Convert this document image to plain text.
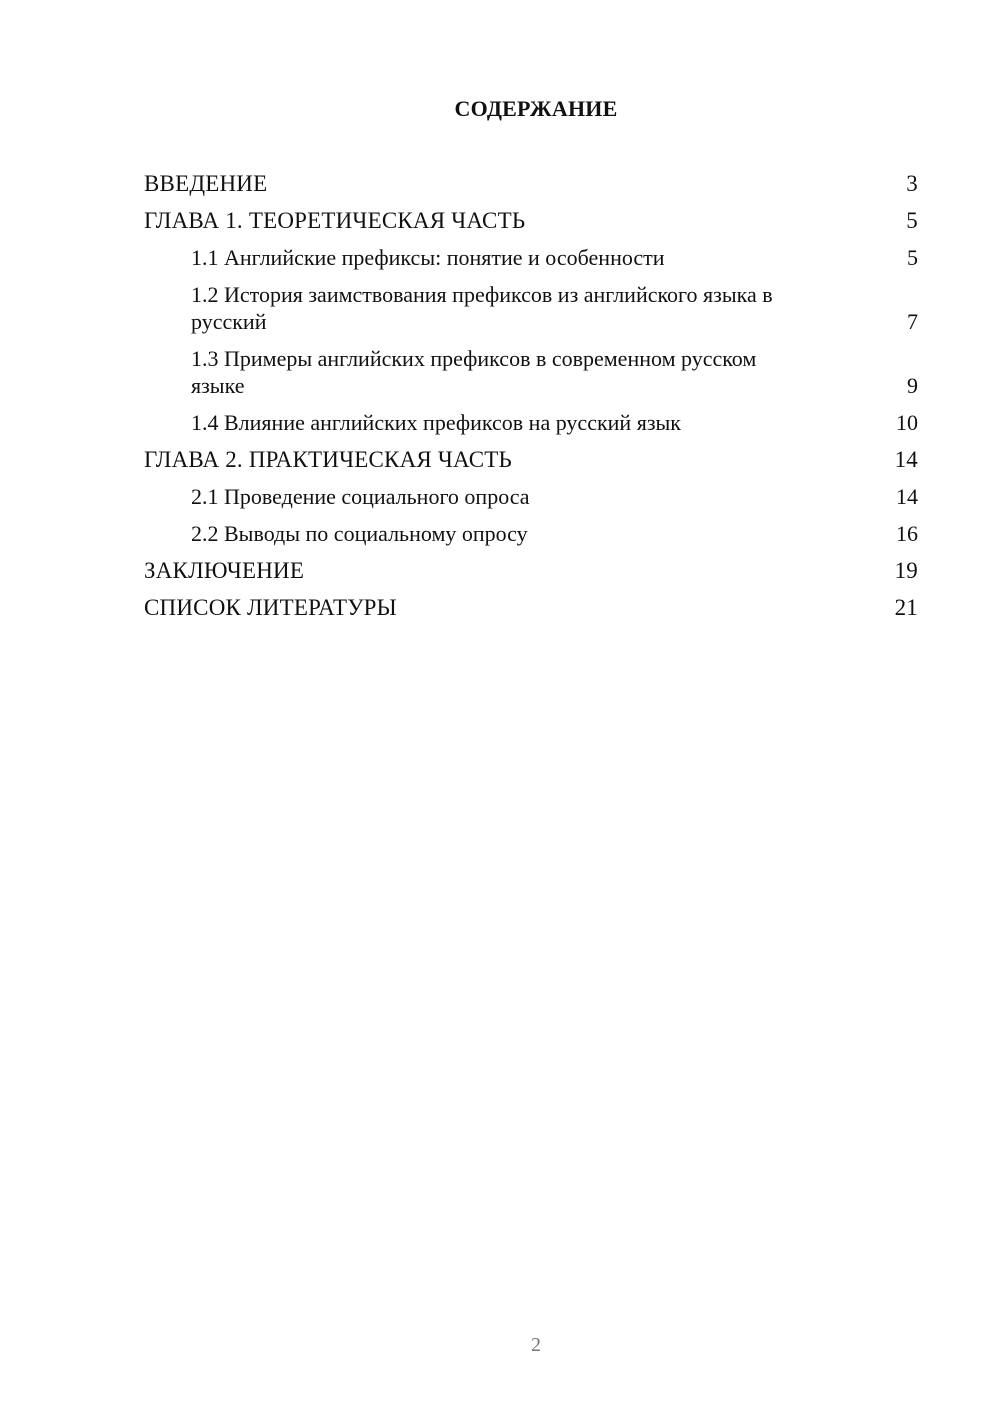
СОДЕРЖАНИЕ
ВВЕДЕНИЕ	3
ГЛАВА 1. ТЕОРЕТИЧЕСКАЯ ЧАСТЬ	5
1.1 Английские префиксы: понятие и особенности	5
1.2 История заимствования префиксов из английского языка в русский	7
1.3 Примеры английских префиксов в современном русском языке	9
1.4 Влияние английских префиксов на русский язык	10
ГЛАВА 2. ПРАКТИЧЕСКАЯ ЧАСТЬ	14
2.1 Проведение социального опроса	14
2.2 Выводы по социальному опросу	16
ЗАКЛЮЧЕНИЕ	19
СПИСОК ЛИТЕРАТУРЫ	21
2
